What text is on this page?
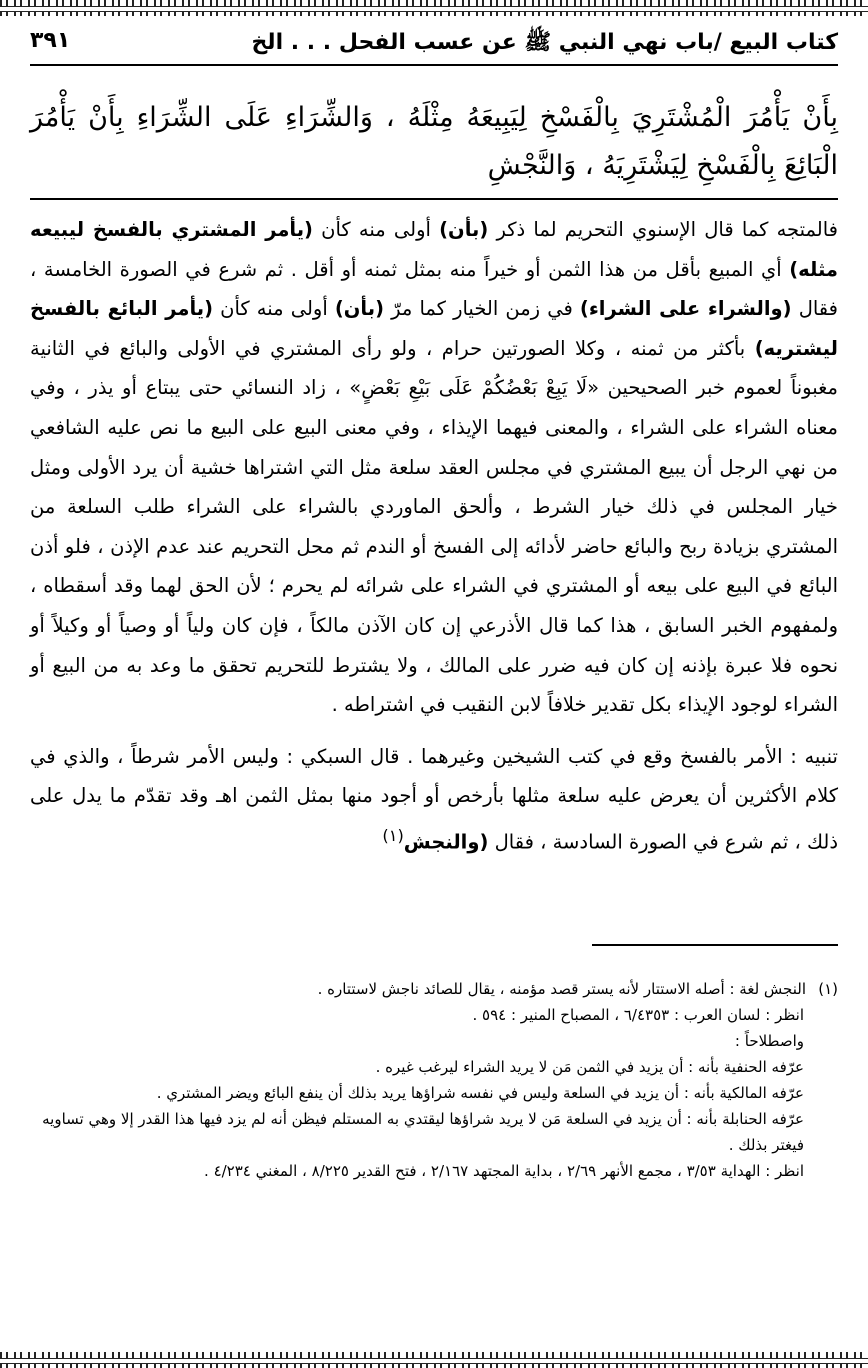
كتاب البيع /باب نهي النبي ﷺ عن عسب الفحل . . . الخ
٣٩١
بِأَنْ يَأْمُرَ الْمُشْتَرِيَ بِالْفَسْخِ لِيَبِيعَهُ مِثْلَهُ ، وَالشِّرَاءِ عَلَى الشِّرَاءِ بِأَنْ يَأْمُرَ الْبَائِعَ بِالْفَسْخِ لِيَشْتَرِيَهُ ، وَالنَّجْشِ

فالمتجه كما قال الإسنوي التحريم لما ذكر (بأن) أولى منه كأن (يأمر المشتري بالفسخ ليبيعه مثله) أي المبيع بأقل من هذا الثمن أو خيراً منه بمثل ثمنه أو أقل . ثم شرع في الصورة الخامسة ، فقال (والشراء على الشراء) في زمن الخيار كما مرّ (بأن) أولى منه كأن (يأمر البائع بالفسخ ليشتريه) بأكثر من ثمنه ، وكلا الصورتين حرام ، ولو رأى المشتري في الأولى والبائع في الثانية مغبوناً لعموم خبر الصحيحين «لَا يَبِعْ بَعْضُكُمْ عَلَى بَيْعِ بَعْضٍ» ، زاد النسائي حتى يبتاع أو يذر ، وفي معناه الشراء على الشراء ، والمعنى فيهما الإيذاء ، وفي معنى البيع على البيع ما نص عليه الشافعي من نهي الرجل أن يبيع المشتري في مجلس العقد سلعة مثل التي اشتراها خشية أن يرد الأولى ومثل خيار المجلس في ذلك خيار الشرط ، وألحق الماوردي بالشراء على الشراء طلب السلعة من المشتري بزيادة ربح والبائع حاضر لأدائه إلى الفسخ أو الندم ثم محل التحريم عند عدم الإذن ، فلو أذن البائع في البيع على بيعه أو المشتري في الشراء على شرائه لم يحرم ؛ لأن الحق لهما وقد أسقطاه ، ولمفهوم الخبر السابق ، هذا كما قال الأذرعي إن كان الآذن مالكاً ، فإن كان ولياً أو وصياً أو وكيلاً أو نحوه فلا عبرة بإذنه إن كان فيه ضرر على المالك ، ولا يشترط للتحريم تحقق ما وعد به من البيع أو الشراء لوجود الإيذاء بكل تقدير خلافاً لابن النقيب في اشتراطه .

تنبيه : الأمر بالفسخ وقع في كتب الشيخين وغيرهما . قال السبكي : وليس الأمر شرطاً ، والذي في كلام الأكثرين أن يعرض عليه سلعة مثلها بأرخص أو أجود منها بمثل الثمن اهـ وقد تقدّم ما يدل على ذلك ، ثم شرع في الصورة السادسة ، فقال (والنجش$^{(١)}$

(١)النجش لغة : أصله الاستتار لأنه يستر قصد مؤمنه ، يقال للصائد ناجش لاستتاره .
انظر : لسان العرب : ٦/٤٣٥٣ ، المصباح المنير : ٥٩٤ .
واصطلاحاً :
عرّفه الحنفية بأنه : أن يزيد في الثمن مَن لا يريد الشراء ليرغب غيره .
عرّفه المالكية بأنه : أن يزيد في السلعة وليس في نفسه شراؤها يريد بذلك أن ينفع البائع ويضر المشتري .
عرّفه الحنابلة بأنه : أن يزيد في السلعة مَن لا يريد شراؤها ليقتدي به المستلم فيظن أنه لم يزد فيها هذا القدر إلا وهي تساويه فيغتر بذلك .
انظر : الهداية ٣/٥٣ ، مجمع الأنهر ٢/٦٩ ، بداية المجتهد ٢/١٦٧ ، فتح القدير ٨/٢٢٥ ، المغني ٤/٢٣٤ .
